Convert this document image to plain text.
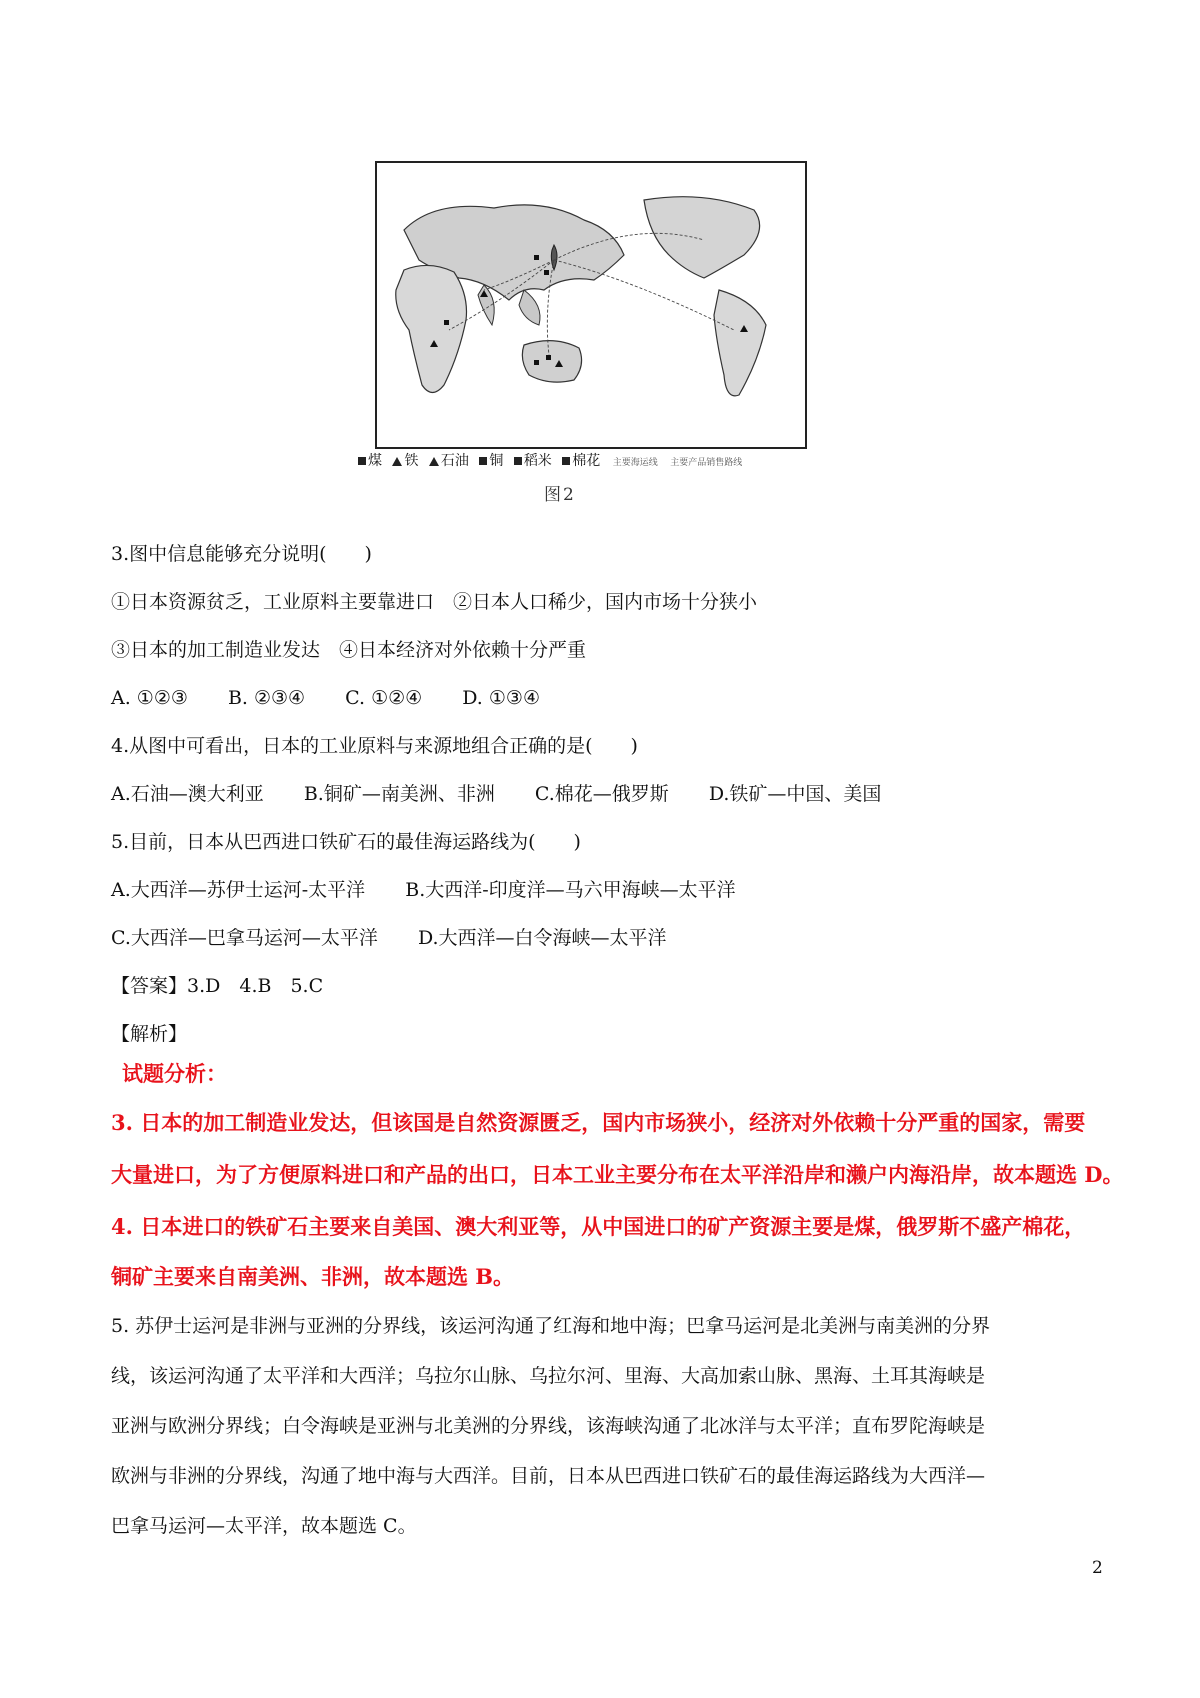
煤 铁 石油 铜 稻米 棉花 主要海运线 主要产品销售路线
图2
3.图中信息能够充分说明(　　)
①日本资源贫乏，工业原料主要靠进口　②日本人口稀少，国内市场十分狭小
③日本的加工制造业发达　④日本经济对外依赖十分严重
A. ①②③ B. ②③④ C. ①②④ D. ①③④
4.从图中可看出，日本的工业原料与来源地组合正确的是(　　)
A.石油—澳大利亚 B.铜矿—南美洲、非洲 C.棉花—俄罗斯 D.铁矿—中国、美国
5.目前，日本从巴西进口铁矿石的最佳海运路线为(　　)
A.大西洋—苏伊士运河-太平洋 B.大西洋-印度洋—马六甲海峡—太平洋
C.大西洋—巴拿马运河—太平洋 D.大西洋—白令海峡—太平洋
【答案】3.D　4.B　5.C
【解析】
试题分析：
3. 日本的加工制造业发达，但该国是自然资源匮乏，国内市场狭小，经济对外依赖十分严重的国家，需要
大量进口，为了方便原料进口和产品的出口，日本工业主要分布在太平洋沿岸和濑户内海沿岸，故本题选 D。
4. 日本进口的铁矿石主要来自美国、澳大利亚等，从中国进口的矿产资源主要是煤，俄罗斯不盛产棉花，
铜矿主要来自南美洲、非洲，故本题选 B。
5. 苏伊士运河是非洲与亚洲的分界线，该运河沟通了红海和地中海；巴拿马运河是北美洲与南美洲的分界
线，该运河沟通了太平洋和大西洋；乌拉尔山脉、乌拉尔河、里海、大高加索山脉、黑海、土耳其海峡是
亚洲与欧洲分界线；白令海峡是亚洲与北美洲的分界线，该海峡沟通了北冰洋与太平洋；直布罗陀海峡是
欧洲与非洲的分界线，沟通了地中海与大西洋。目前，日本从巴西进口铁矿石的最佳海运路线为大西洋—
巴拿马运河—太平洋，故本题选 C。
2
